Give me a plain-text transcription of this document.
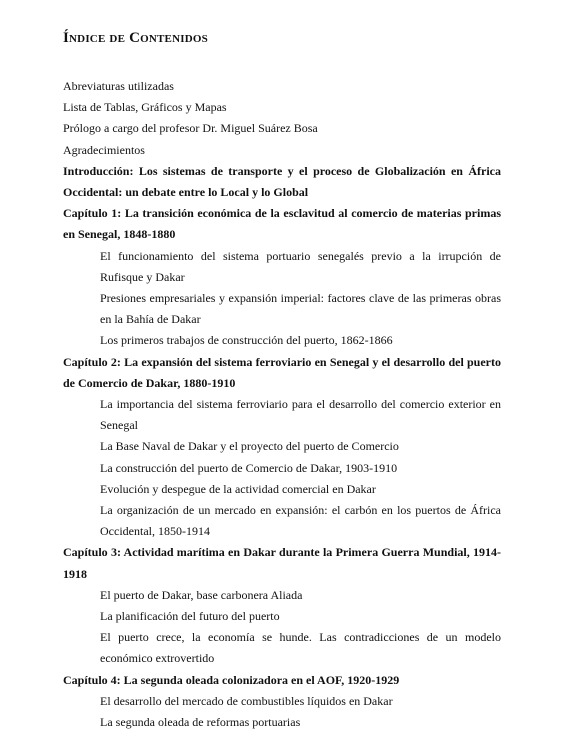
Índice de Contenidos

Abreviaturas utilizadas

Lista de Tablas, Gráficos y Mapas

Prólogo a cargo del profesor Dr. Miguel Suárez Bosa

Agradecimientos

Introducción: Los sistemas de transporte y el proceso de Globalización en África Occidental: un debate entre lo Local y lo Global

Capítulo 1: La transición económica de la esclavitud al comercio de materias primas en Senegal, 1848-1880

El funcionamiento del sistema portuario senegalés previo a la irrupción de Rufisque y Dakar

Presiones empresariales y expansión imperial: factores clave de las primeras obras en la Bahía de Dakar

Los primeros trabajos de construcción del puerto, 1862-1866

Capítulo 2: La expansión del sistema ferroviario en Senegal y el desarrollo del puerto de Comercio de Dakar, 1880-1910

La importancia del sistema ferroviario para el desarrollo del comercio exterior en Senegal

La Base Naval de Dakar y el proyecto del puerto de Comercio

La construcción del puerto de Comercio de Dakar, 1903-1910

Evolución y despegue de la actividad comercial en Dakar

La organización de un mercado en expansión: el carbón en los puertos de África Occidental, 1850-1914

Capítulo 3: Actividad marítima en Dakar durante la Primera Guerra Mundial, 1914-1918

El puerto de Dakar, base carbonera Aliada

La planificación del futuro del puerto

El puerto crece, la economía se hunde. Las contradicciones de un modelo económico extrovertido

Capítulo 4: La segunda oleada colonizadora en el AOF, 1920-1929

El desarrollo del mercado de combustibles líquidos en Dakar

La segunda oleada de reformas portuarias
